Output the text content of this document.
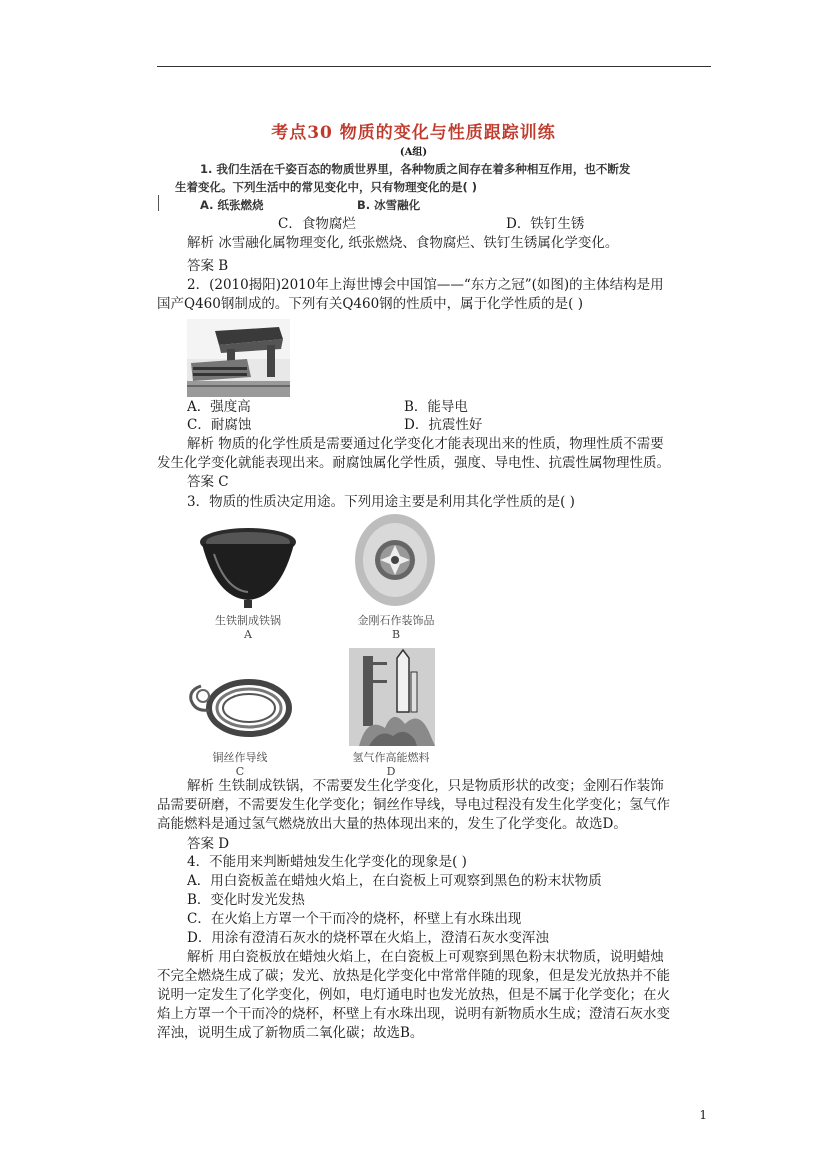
考点30 物质的变化与性质跟踪训练
(A组)
1. 我们生活在千姿百态的物质世界里，各种物质之间存在着多种相互作用，也不断发
生着变化。下列生活中的常见变化中，只有物理变化的是( )
A. 纸张燃烧	B. 冰雪融化
C．食物腐烂	D．铁钉生锈
解析 冰雪融化属物理变化, 纸张燃烧、食物腐烂、铁钉生锈属化学变化。
答案 B
2．(2010揭阳)2010年上海世博会中国馆——“东方之冠”(如图)的主体结构是用
国产Q460钢制成的。下列有关Q460钢的性质中，属于化学性质的是( )
A．强度高	B．能导电
C．耐腐蚀	D．抗震性好
解析 物质的化学性质是需要通过化学变化才能表现出来的性质，物理性质不需要
发生化学变化就能表现出来。耐腐蚀属化学性质，强度、导电性、抗震性属物理性质。
答案 C
3．物质的性质决定用途。下列用途主要是利用其化学性质的是( )
生铁制成铁锅
A
金刚石作装饰品
B
铜丝作导线
C
氢气作高能燃料
D
解析 生铁制成铁锅，不需要发生化学变化，只是物质形状的改变；金刚石作装饰
品需要研磨，不需要发生化学变化；铜丝作导线，导电过程没有发生化学变化；氢气作
高能燃料是通过氢气燃烧放出大量的热体现出来的，发生了化学变化。故选D。
答案 D
4．不能用来判断蜡烛发生化学变化的现象是( )
A．用白瓷板盖在蜡烛火焰上，在白瓷板上可观察到黑色的粉末状物质
B．变化时发光发热
C．在火焰上方罩一个干而冷的烧杯，杯壁上有水珠出现
D．用涂有澄清石灰水的烧杯罩在火焰上，澄清石灰水变浑浊
解析 用白瓷板放在蜡烛火焰上，在白瓷板上可观察到黑色粉末状物质，说明蜡烛
不完全燃烧生成了碳；发光、放热是化学变化中常常伴随的现象，但是发光放热并不能
说明一定发生了化学变化，例如，电灯通电时也发光放热，但是不属于化学变化；在火
焰上方罩一个干而冷的烧杯，杯壁上有水珠出现，说明有新物质水生成；澄清石灰水变
浑浊，说明生成了新物质二氧化碳；故选B。
1
